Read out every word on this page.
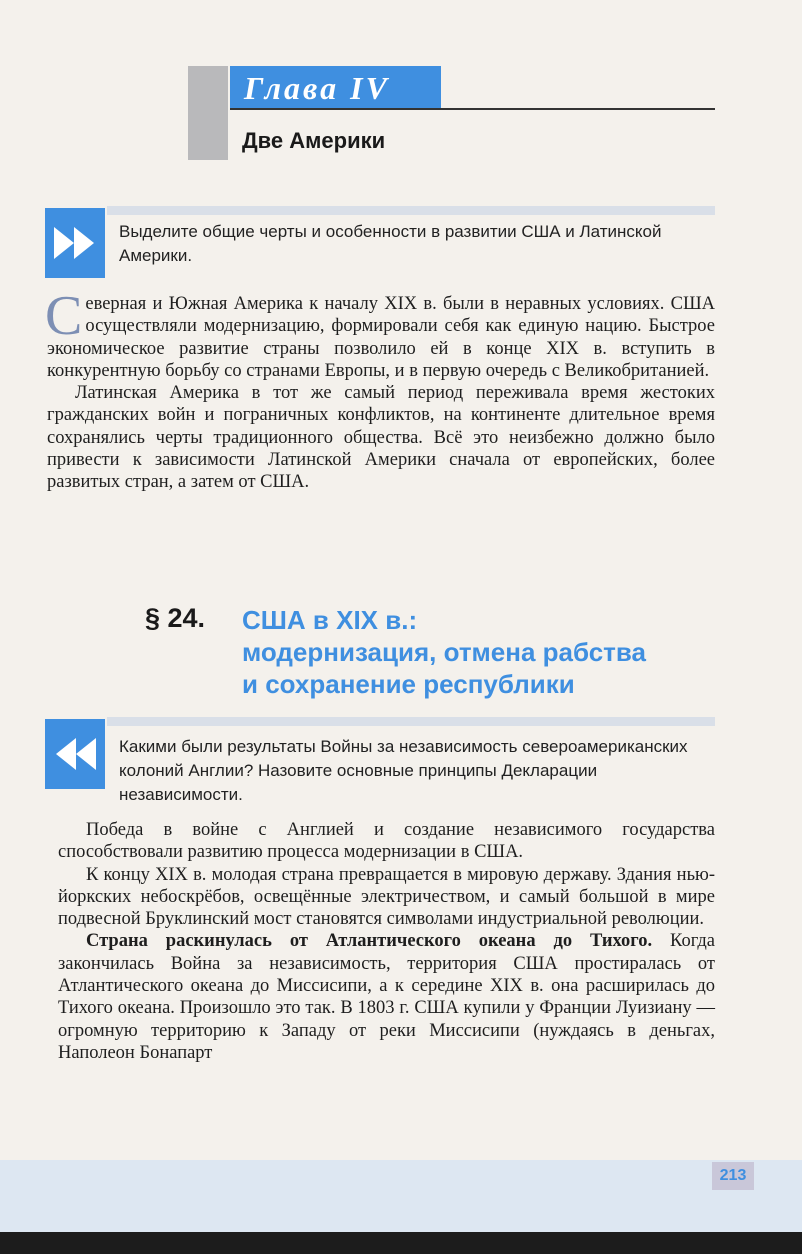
Глава IV
Две Америки
Выделите общие черты и особенности в развитии США и Латинской Америки.

Северная и Южная Америка к началу XIX в. были в неравных условиях. США осуществляли модернизацию, формировали себя как единую нацию. Быстрое экономическое развитие страны позволило ей в конце XIX в. вступить в конкурентную борьбу со странами Европы, и в первую очередь с Великобританией.

Латинская Америка в тот же самый период переживала время жестоких гражданских войн и пограничных конфликтов, на континенте длительное время сохранялись черты традиционного общества. Всё это неизбежно должно было привести к зависимости Латинской Америки сначала от европейских, более развитых стран, а затем от США.

§ 24. США в XIX в.:
модернизация, отмена рабства
и сохранение республики
Какими были результаты Войны за независимость североамериканских колоний Англии? Назовите основные принципы Декларации независимости.

Победа в войне с Англией и создание независимого государства способствовали развитию процесса модернизации в США.

К концу XIX в. молодая страна превращается в мировую державу. Здания нью-йоркских небоскрёбов, освещённые электричеством, и самый большой в мире подвесной Бруклинский мост становятся символами индустриальной революции.

Страна раскинулась от Атлантического океана до Тихого. Когда закончилась Война за независимость, территория США простиралась от Атлантического океана до Миссисипи, а к середине XIX в. она расширилась до Тихого океана. Произошло это так. В 1803 г. США купили у Франции Луизиану — огромную территорию к Западу от реки Миссисипи (нуждаясь в деньгах, Наполеон Бонапарт

213
